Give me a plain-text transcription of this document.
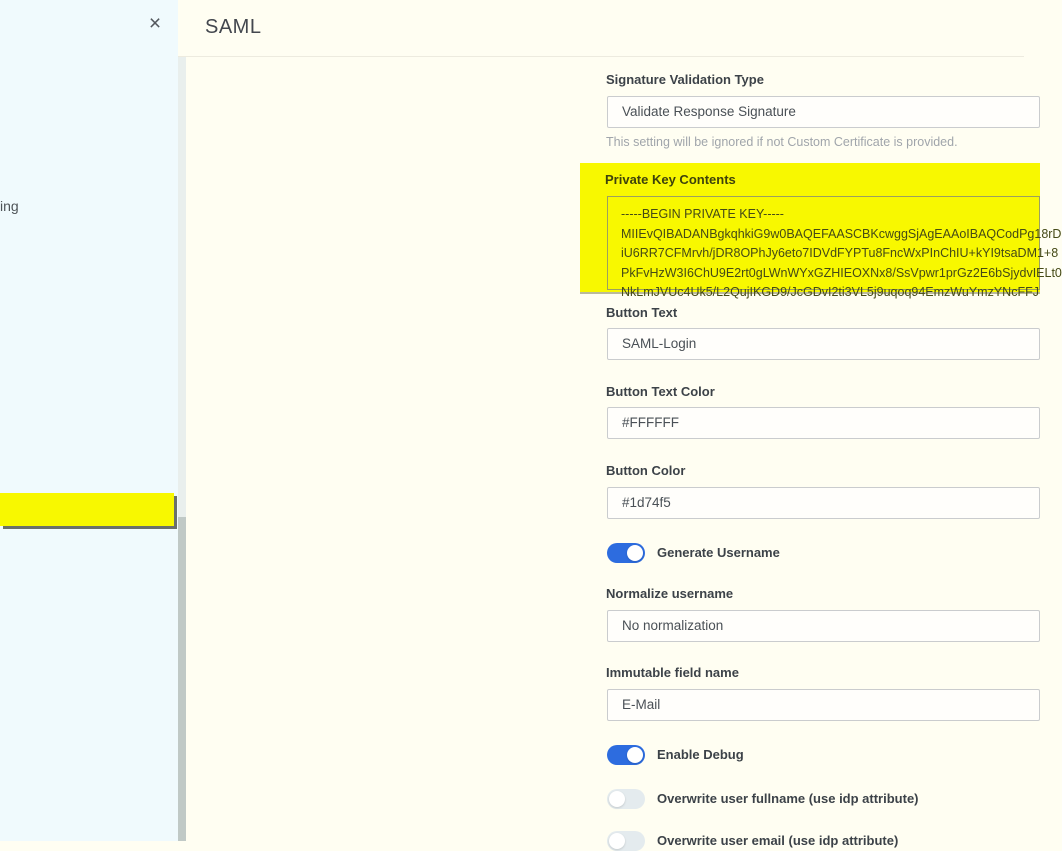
×
ing
SAML
Signature Validation Type
Validate Response Signature
This setting will be ignored if not Custom Certificate is provided.
Private Key Contents
-----BEGIN PRIVATE KEY-----
MIIEvQIBADANBgkqhkiG9w0BAQEFAASCBKcwggSjAgEAAoIBAQCodPg18rD
iU6RR7CFMrvh/jDR8OPhJy6eto7IDVdFYPTu8FncWxPInChIU+kYI9tsaDM1+8
PkFvHzW3I6ChU9E2rt0gLWnWYxGZHIEOXNx8/SsVpwr1prGz2E6bSjydvIELt0
NkLmJVUc4Uk5/L2QujIKGD9/JcGDvI2ti3VL5j9uqoq94EmzWuYmzYNcFFJ
Button Text
SAML-Login
Button Text Color
#FFFFFF
Button Color
#1d74f5
Generate Username
Normalize username
No normalization
Immutable field name
E-Mail
Enable Debug
Overwrite user fullname (use idp attribute)
Overwrite user email (use idp attribute)
